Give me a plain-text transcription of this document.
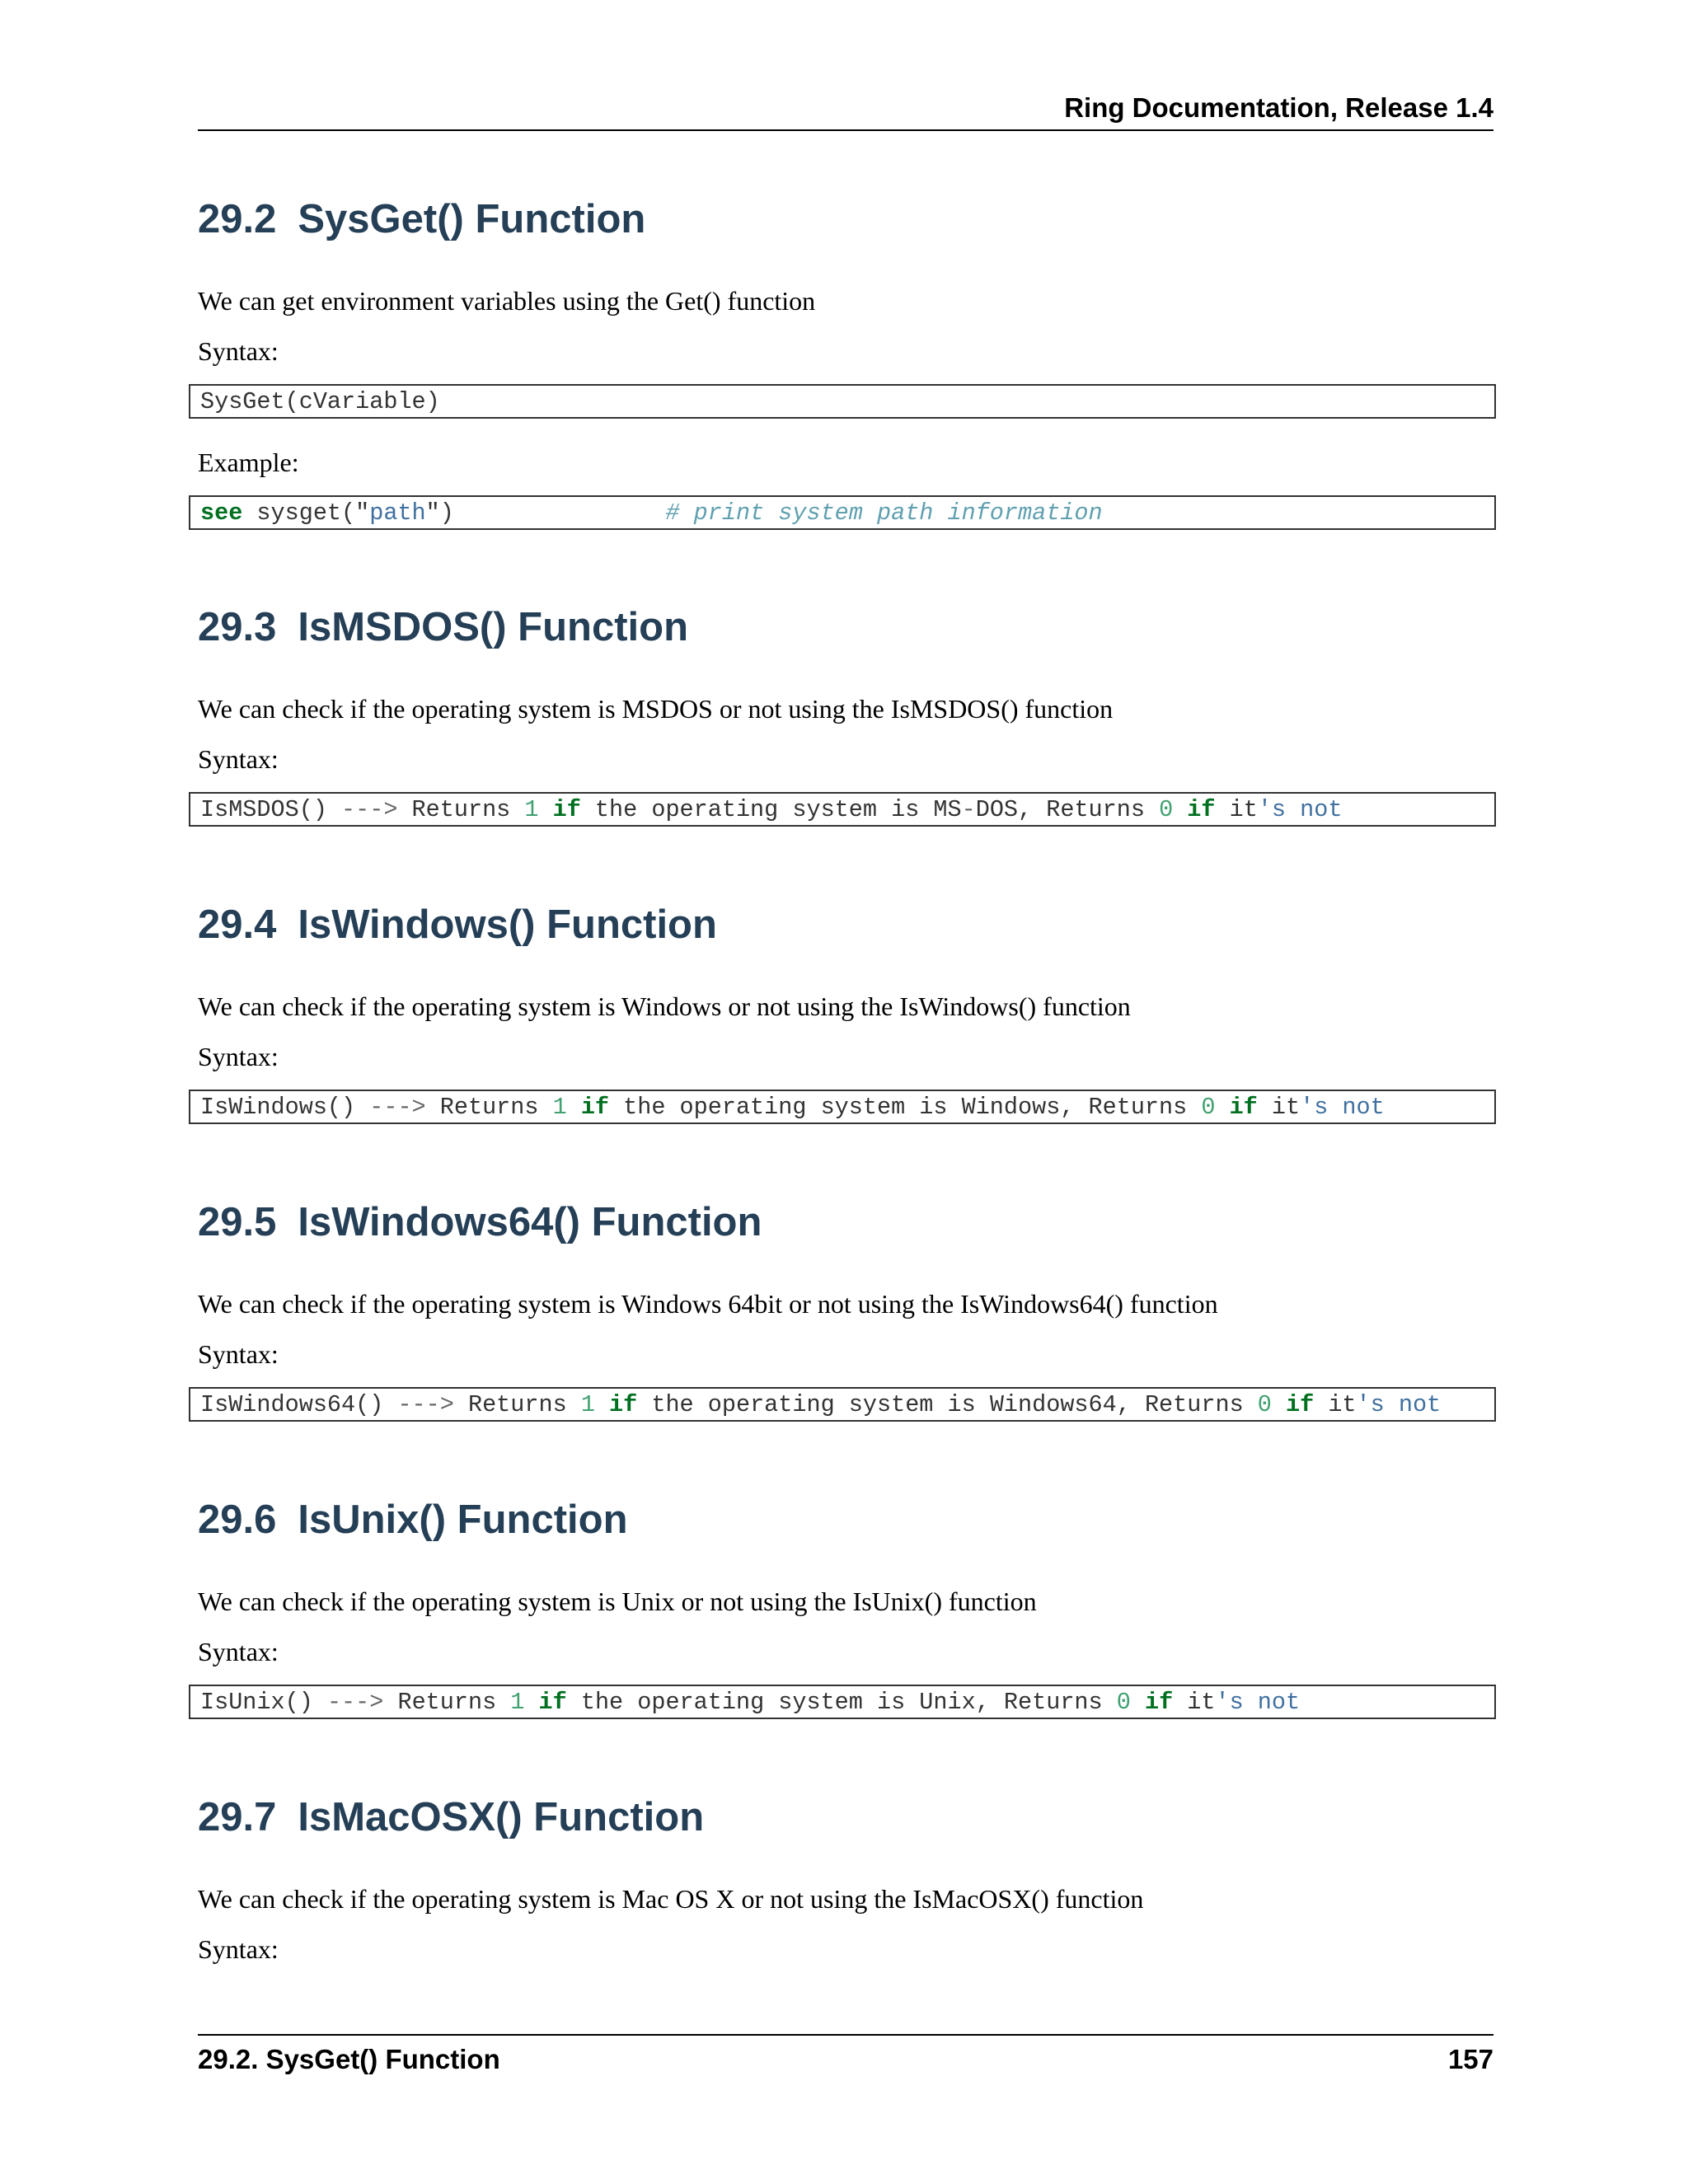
Ring Documentation, Release 1.4
29.2 SysGet() Function
We can get environment variables using the Get() function
Syntax:
SysGet(cVariable)
Example:
see sysget("path")	# print system path information
29.3 IsMSDOS() Function
We can check if the operating system is MSDOS or not using the IsMSDOS() function
Syntax:
IsMSDOS() ---> Returns 1 if the operating system is MS-DOS, Returns 0 if it's not
29.4 IsWindows() Function
We can check if the operating system is Windows or not using the IsWindows() function
Syntax:
IsWindows() ---> Returns 1 if the operating system is Windows, Returns 0 if it's not
29.5 IsWindows64() Function
We can check if the operating system is Windows 64bit or not using the IsWindows64() function
Syntax:
IsWindows64() ---> Returns 1 if the operating system is Windows64, Returns 0 if it's not
29.6 IsUnix() Function
We can check if the operating system is Unix or not using the IsUnix() function
Syntax:
IsUnix() ---> Returns 1 if the operating system is Unix, Returns 0 if it's not
29.7 IsMacOSX() Function
We can check if the operating system is Mac OS X or not using the IsMacOSX() function
Syntax:
29.2. SysGet() Function	157
